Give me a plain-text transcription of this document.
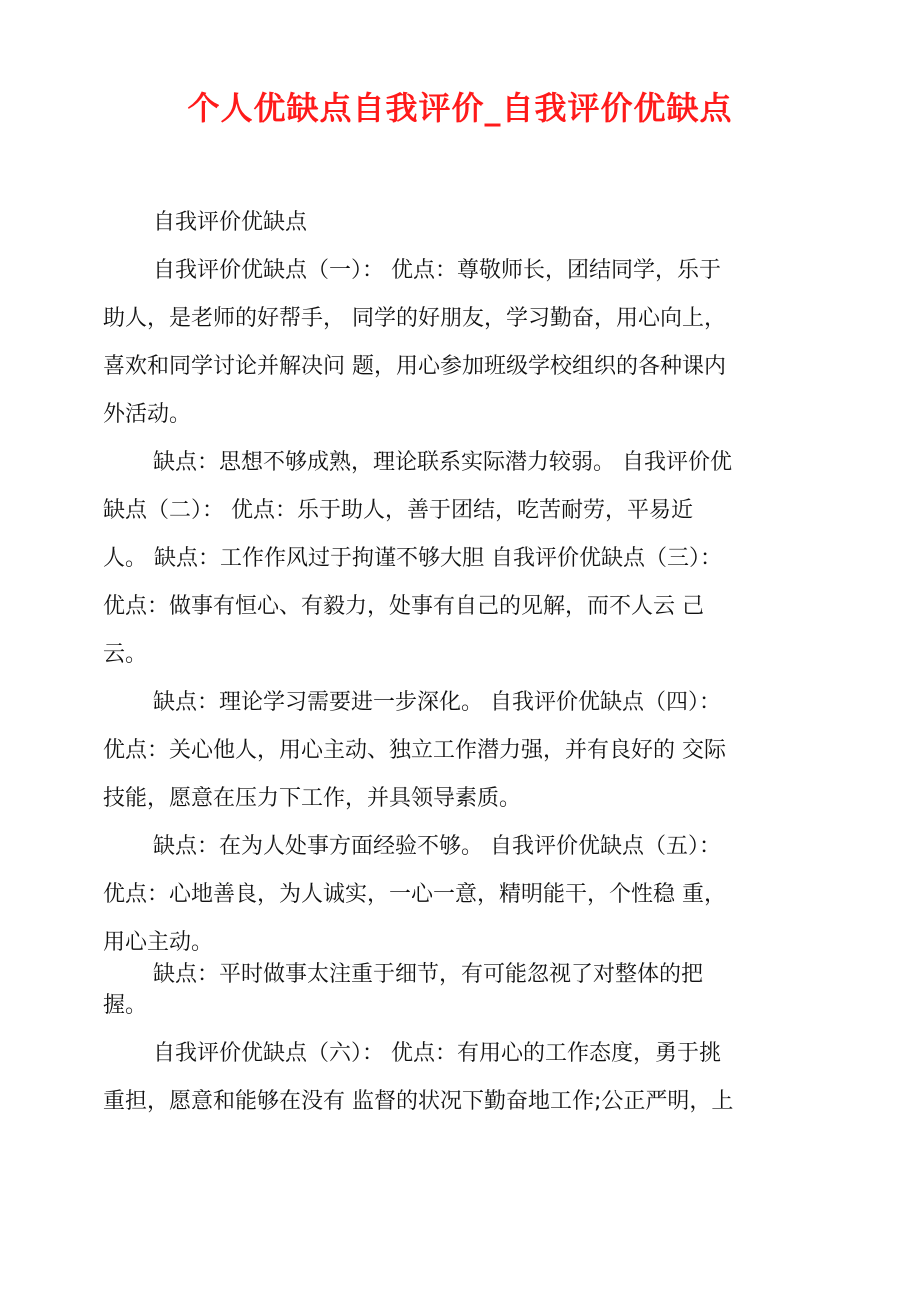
个人优缺点自我评价_自我评价优缺点
自我评价优缺点
自我评价优缺点（一）： 优点：尊敬师长，团结同学，乐于
助人，是老师的好帮手， 同学的好朋友，学习勤奋，用心向上，
喜欢和同学讨论并解决问 题，用心参加班级学校组织的各种课内
外活动。
缺点：思想不够成熟，理论联系实际潜力较弱。 自我评价优
缺点（二）： 优点：乐于助人，善于团结，吃苦耐劳，平易近
人。 缺点：工作作风过于拘谨不够大胆 自我评价优缺点（三）：
优点：做事有恒心、有毅力，处事有自己的见解，而不人云 己
云。
缺点：理论学习需要进一步深化。 自我评价优缺点（四）：
优点：关心他人，用心主动、独立工作潜力强，并有良好的 交际
技能，愿意在压力下工作，并具领导素质。
缺点：在为人处事方面经验不够。 自我评价优缺点（五）：
优点：心地善良，为人诚实，一心一意，精明能干，个性稳 重，
用心主动。
缺点：平时做事太注重于细节，有可能忽视了对整体的把
握。
自我评价优缺点（六）： 优点：有用心的工作态度，勇于挑
重担，愿意和能够在没有 监督的状况下勤奋地工作;公正严明，上
